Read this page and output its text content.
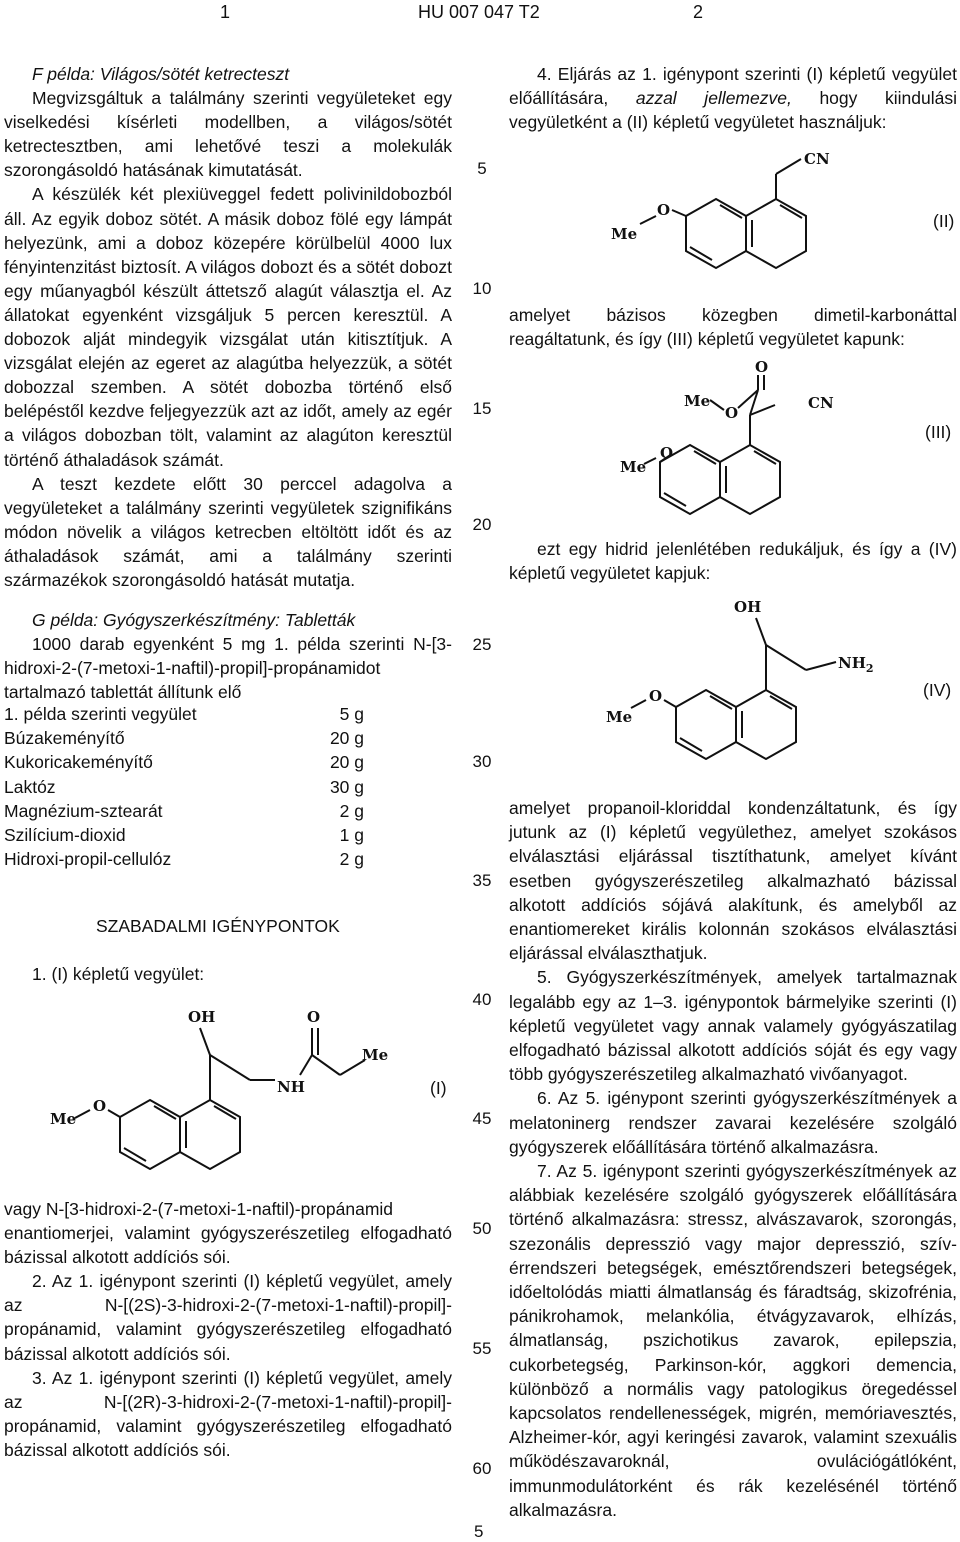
1	HU 007 047 T2	2

F példa: Világos/sötét ketrecteszt

Megvizsgáltuk a találmány szerinti vegyületeket egy viselkedési kísérleti modellben, a világos/sötét ketrectesztben, ami lehetővé teszi a molekulák szorongásoldó hatásának kimutatását.

A készülék két plexiüveggel fedett polivinildobozból áll. Az egyik doboz sötét. A másik doboz fölé egy lámpát helyezünk, ami a doboz közepére körülbelül 4000 lux fényintenzitást biztosít. A világos dobozt és a sötét dobozt egy műanyagból készült áttetsző alagút választja el. Az állatokat egyenként vizsgáljuk 5 percen keresztül. A dobozok alját mindegyik vizsgálat után kitisztítjuk. A vizsgálat elején az egeret az alagútba helyezzük, a sötét dobozzal szemben. A sötét dobozba történő első belépéstől kezdve feljegyezzük azt az időt, amely az egér a világos dobozban tölt, valamint az alagúton keresztül történő áthaladások számát.

A teszt kezdete előtt 30 perccel adagolva a vegyületeket a találmány szerinti vegyületek szignifikáns módon növelik a világos ketrecben eltöltött időt és az áthaladások számát, ami a találmány szerinti származékok szorongásoldó hatását mutatja.

G példa: Gyógyszerkészítmény: Tabletták

1000 darab egyenként 5 mg 1. példa szerinti N-[3-hidroxi-2-(7-metoxi-1-naftil)-propil]-propánamidot tartalmazó tablettát állítunk elő

1. példa szerinti vegyület	5 g
Búzakeményítő	20 g
Kukoricakeményítő	20 g
Laktóz	30 g
Magnézium-sztearát	2 g
Szilícium-dioxid	1 g
Hidroxi-propil-cellulóz	2 g
SZABADALMI IGÉNYPONTOK

1. (I) képletű vegyület:

OH	O
NH
Me
O
Me
(I)

vagy N-[3-hidroxi-2-(7-metoxi-1-naftil)-propánamid

enantiomerjei, valamint gyógyszerészetileg elfogadható bázissal alkotott addíciós sói.

2. Az 1. igénypont szerinti (I) képletű vegyület, amely az N-[(2S)-3-hidroxi-2-(7-metoxi-1-naftil)-propil]-propánamid, valamint gyógyszerészetileg elfogadható bázissal alkotott addíciós sói.

3. Az 1. igénypont szerinti (I) képletű vegyület, amely az N-[(2R)-3-hidroxi-2-(7-metoxi-1-naftil)-propil]-propánamid, valamint gyógyszerészetileg elfogadható bázissal alkotott addíciós sói.

5
10
15
20
25
30
35
40
45
50
55
60

4. Eljárás az 1. igénypont szerinti (I) képletű vegyület előállítására, azzal jellemezve, hogy kiindulási vegyületként a (II) képletű vegyületet használjuk:

CN
O
Me
(II)

amelyet bázisos közegben dimetil-karbonáttal reagáltatunk, és így (III) képletű vegyületet kapunk:

O
Me
O
CN
O
Me
(III)

ezt egy hidrid jelenlétében redukáljuk, és így a (IV) képletű vegyületet kapjuk:

OH
$NH_2$
O
Me
(IV)

amelyet propanoil-kloriddal kondenzáltatunk, és így jutunk az (I) képletű vegyülethez, amelyet szokásos elválasztási eljárással tisztíthatunk, amelyet kívánt esetben gyógyszerészetileg alkalmazható bázissal alkotott addíciós sójává alakítunk, és amelyből az enantiomereket királis kolonnán szokásos elválasztási eljárással elválaszthatjuk.

5. Gyógyszerkészítmények, amelyek tartalmaznak legalább egy az 1–3. igénypontok bármelyike szerinti (I) képletű vegyületet vagy annak valamely gyógyászatilag elfogadható bázissal alkotott addíciós sóját és egy vagy több gyógyszerészetileg alkalmazható vivőanyagot.

6. Az 5. igénypont szerinti gyógyszerkészítmények a melatoninerg rendszer zavarai kezelésére szolgáló gyógyszerek előállítására történő alkalmazásra.

7. Az 5. igénypont szerinti gyógyszerkészítmények az alábbiak kezelésére szolgáló gyógyszerek előállítására történő alkalmazásra: stressz, alvászavarok, szorongás, szezonális depresszió vagy major depresszió, szív-érrendszeri betegségek, emésztőrendszeri betegségek, időeltolódás miatti álmatlanság és fáradtság, skizofrénia, pánikrohamok, melankólia, étvágyzavarok, elhízás, álmatlanság, pszichotikus zavarok, epilepszia, cukorbetegség, Parkinson-kór, aggkori demencia, különböző a normális vagy patologikus öregedéssel kapcsolatos rendellenességek, migrén, memóriavesztés, Alzheimer-kór, agyi keringési zavarok, valamint szexuális működészavaroknál, ovulációgátlóként, immunmodulátorként és rák kezelésénél történő alkalmazásra.

5
